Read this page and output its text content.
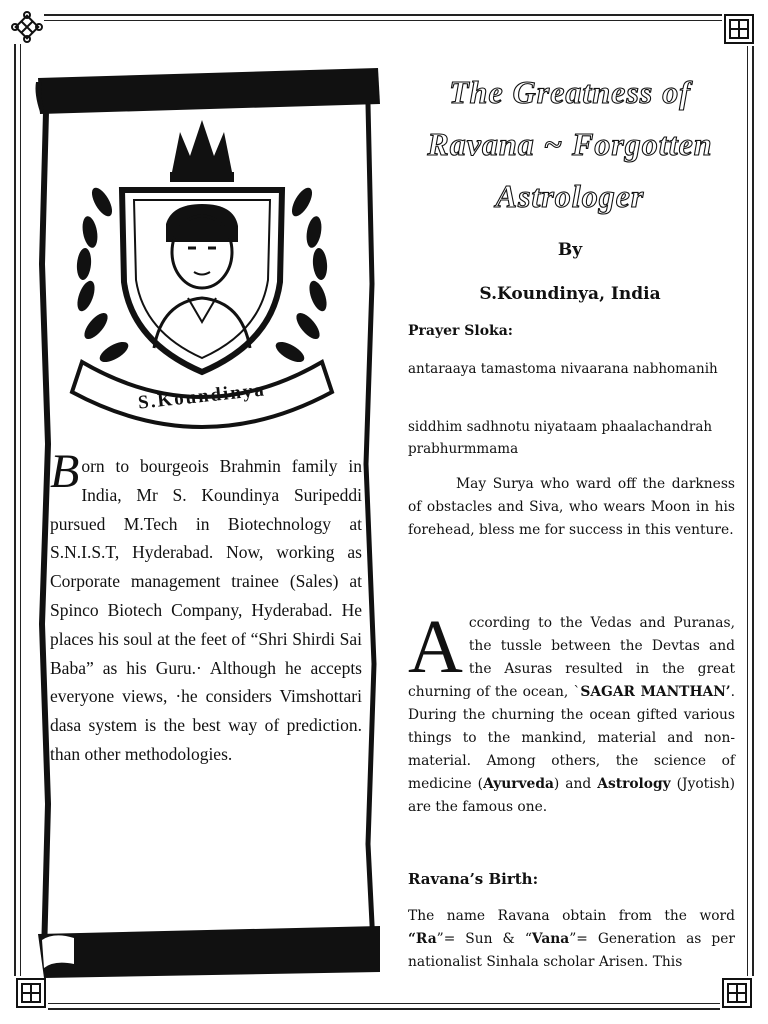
S.Koundinya

Born to bourgeois Brahmin family in India, Mr S. Koundinya Suripeddi pursued M.Tech in Biotechnology at S.N.I.S.T, Hyderabad. Now, working as Corporate management trainee (Sales) at Spinco Biotech Company, Hyderabad. He places his soul at the feet of “Shri Shirdi Sai Baba” as his Guru.· Although he accepts everyone views, ·he considers Vimshottari dasa system is the best way of prediction. than other methodologies.

The Greatness of
Ravana ~ Forgotten
Astrologer

By

S.Koundinya, India

Prayer Sloka:

antaraaya tamastoma nivaarana nabhomanih

siddhim sadhnotu niyataam phaalachandrah prabhurmmama

May Surya who ward off the darkness of obstacles and Siva, who wears Moon in his forehead, bless me for success in this venture.

According to the Vedas and Puranas, the tussle between the Devtas and the Asuras resulted in the great churning of the ocean, `SAGAR MANTHAN’. During the churning the ocean gifted various things to the mankind, material and non-material. Among others, the science of medicine (Ayurveda) and Astrology (Jyotish) are the famous one.

Ravana’s Birth:

The name Ravana obtain from the word “Ra”= Sun & “Vana”= Generation as per nationalist Sinhala scholar Arisen. This
